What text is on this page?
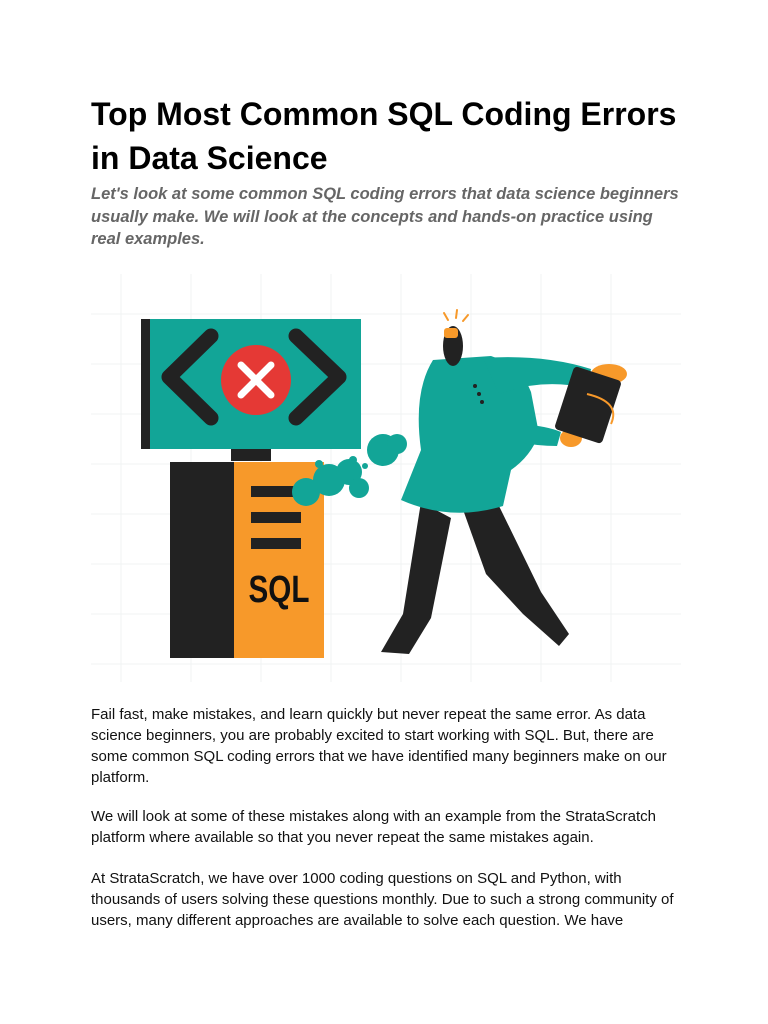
Top Most Common SQL Coding Errors in Data Science

Let's look at some common SQL coding errors that data science beginners usually make. We will look at the concepts and hands-on practice using real examples.

SQL

Fail fast, make mistakes, and learn quickly but never repeat the same error. As data science beginners, you are probably excited to start working with SQL. But, there are some common SQL coding errors that we have identified many beginners make on our platform.

We will look at some of these mistakes along with an example from the StrataScratch platform where available so that you never repeat the same mistakes again.

At StrataScratch, we have over 1000 coding questions on SQL and Python, with thousands of users solving these questions monthly. Due to such a strong community of users, many different approaches are available to solve each question. We have
